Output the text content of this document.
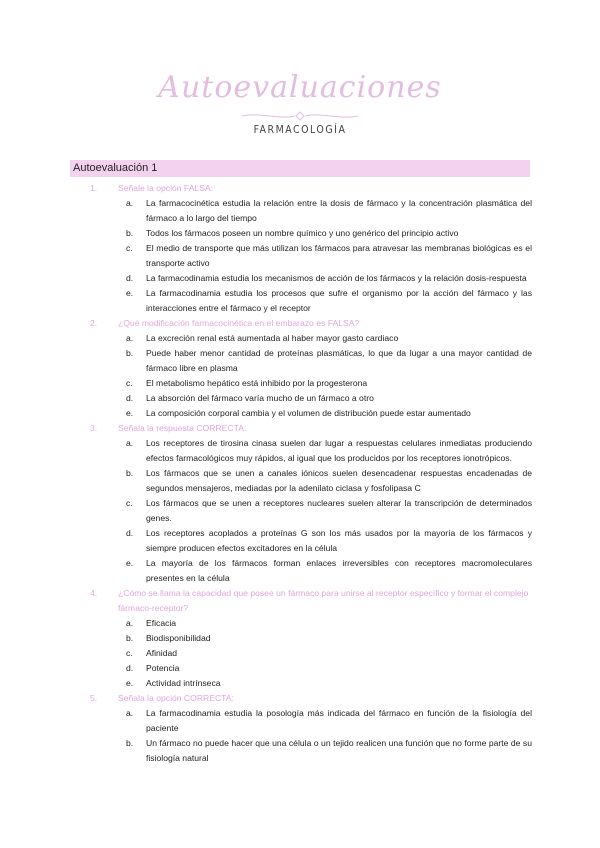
Autoevaluaciones
FARMACOLOGÍA
Autoevaluación 1
1. Señale la opción FALSA:
a. La farmacocinética estudia la relación entre la dosis de fármaco y la concentración plasmática del fármaco a lo largo del tiempo
b. Todos los fármacos poseen un nombre químico y uno genérico del principio activo
c. El medio de transporte que más utilizan los fármacos para atravesar las membranas biológicas es el transporte activo
d. La farmacodinamia estudia los mecanismos de acción de los fármacos y la relación dosis-respuesta
e. La farmacodinamia estudia los procesos que sufre el organismo por la acción del fármaco y las interacciones entre el fármaco y el receptor
2. ¿Qué modificación farmacocinética en el embarazo es FALSA?
a. La excreción renal está aumentada al haber mayor gasto cardiaco
b. Puede haber menor cantidad de proteínas plasmáticas, lo que da lugar a una mayor cantidad de fármaco libre en plasma
c. El metabolismo hepático está inhibido por la progesterona
d. La absorción del fármaco varía mucho de un fármaco a otro
e. La composición corporal cambia y el volumen de distribución puede estar aumentado
3. Señala la respuesta CORRECTA:
a. Los receptores de tirosina cinasa suelen dar lugar a respuestas celulares inmediatas produciendo efectos farmacológicos muy rápidos, al igual que los producidos por los receptores ionotrópicos.
b. Los fármacos que se unen a canales iónicos suelen desencadenar respuestas encadenadas de segundos mensajeros, mediadas por la adenilato ciclasa y fosfolipasa C
c. Los fármacos que se unen a receptores nucleares suelen alterar la transcripción de determinados genes.
d. Los receptores acoplados a proteínas G son los más usados por la mayoría de los fármacos y siempre producen efectos excitadores en la célula
e. La mayoría de los fármacos forman enlaces irreversibles con receptores macromoleculares presentes en la célula
4. ¿Cómo se llama la capacidad que posee un fármaco para unirse al receptor específico y formar el complejo fármaco-receptor?
a. Eficacia
b. Biodisponibilidad
c. Afinidad
d. Potencia
e. Actividad intrínseca
5. Señala la opción CORRECTA:
a. La farmacodinamia estudia la posología más indicada del fármaco en función de la fisiología del paciente
b. Un fármaco no puede hacer que una célula o un tejido realicen una función que no forme parte de su fisiología natural
